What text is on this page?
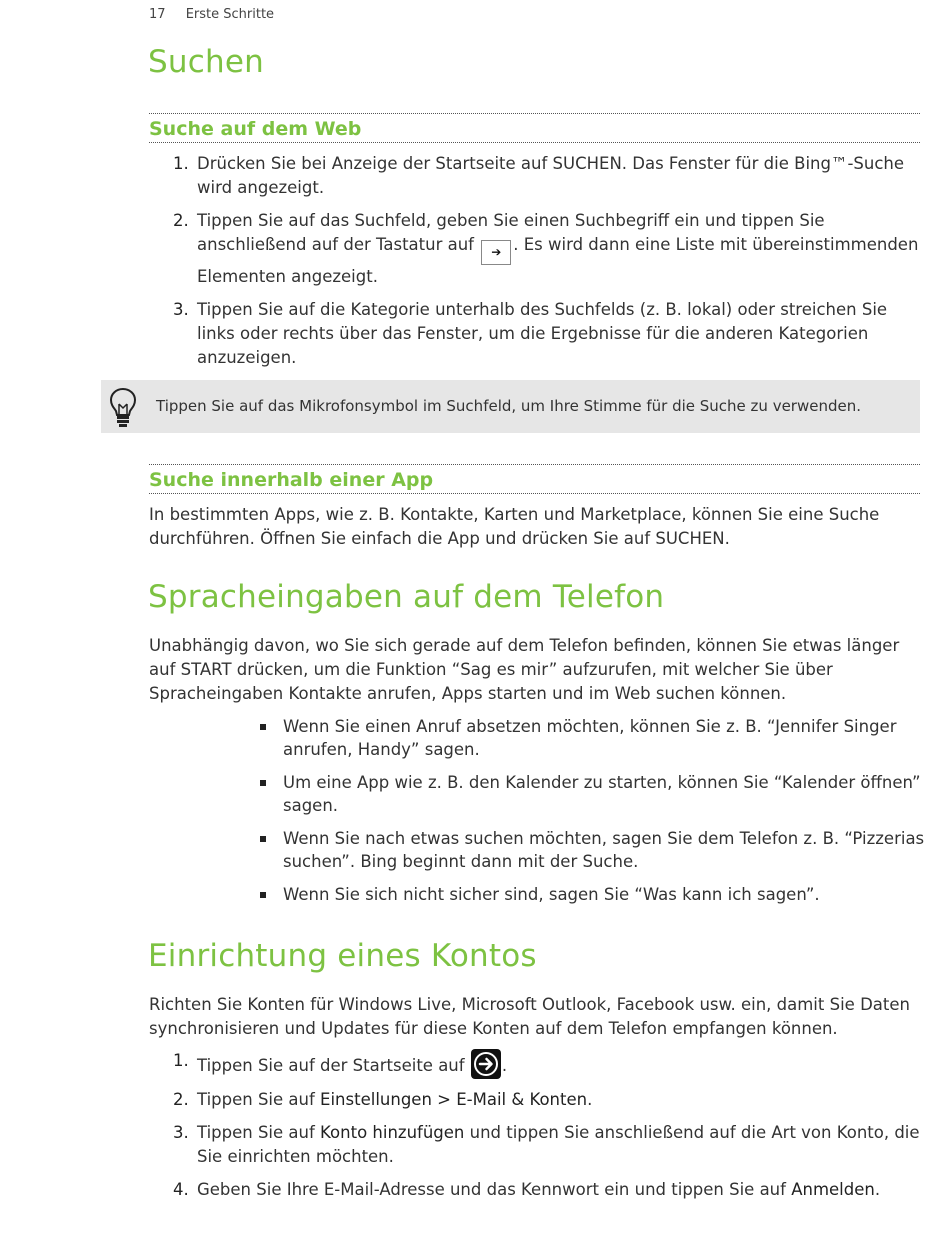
17 Erste Schritte
Suchen
Suche auf dem Web
1. Drücken Sie bei Anzeige der Startseite auf SUCHEN. Das Fenster für die Bing™-Suche wird angezeigt.
2. Tippen Sie auf das Suchfeld, geben Sie einen Suchbegriff ein und tippen Sie anschließend auf der Tastatur auf ➔ . Es wird dann eine Liste mit übereinstimmenden Elementen angezeigt.
3. Tippen Sie auf die Kategorie unterhalb des Suchfelds (z. B. lokal) oder streichen Sie links oder rechts über das Fenster, um die Ergebnisse für die anderen Kategorien anzuzeigen.
Tippen Sie auf das Mikrofonsymbol im Suchfeld, um Ihre Stimme für die Suche zu verwenden.
Suche innerhalb einer App

In bestimmten Apps, wie z. B. Kontakte, Karten und Marketplace, können Sie eine Suche durchführen. Öffnen Sie einfach die App und drücken Sie auf SUCHEN.

Spracheingaben auf dem Telefon

Unabhängig davon, wo Sie sich gerade auf dem Telefon befinden, können Sie etwas länger auf START drücken, um die Funktion “Sag es mir” aufzurufen, mit welcher Sie über Spracheingaben Kontakte anrufen, Apps starten und im Web suchen können.

Wenn Sie einen Anruf absetzen möchten, können Sie z. B. “Jennifer Singer anrufen, Handy” sagen.
Um eine App wie z. B. den Kalender zu starten, können Sie “Kalender öffnen” sagen.
Wenn Sie nach etwas suchen möchten, sagen Sie dem Telefon z. B. “Pizzerias suchen”. Bing beginnt dann mit der Suche.
Wenn Sie sich nicht sicher sind, sagen Sie “Was kann ich sagen”.
Einrichtung eines Kontos

Richten Sie Konten für Windows Live, Microsoft Outlook, Facebook usw. ein, damit Sie Daten synchronisieren und Updates für diese Konten auf dem Telefon empfangen können.

1. Tippen Sie auf der Startseite auf .
2. Tippen Sie auf Einstellungen > E-Mail & Konten.
3. Tippen Sie auf Konto hinzufügen und tippen Sie anschließend auf die Art von Konto, die Sie einrichten möchten.
4. Geben Sie Ihre E-Mail-Adresse und das Kennwort ein und tippen Sie auf Anmelden.
